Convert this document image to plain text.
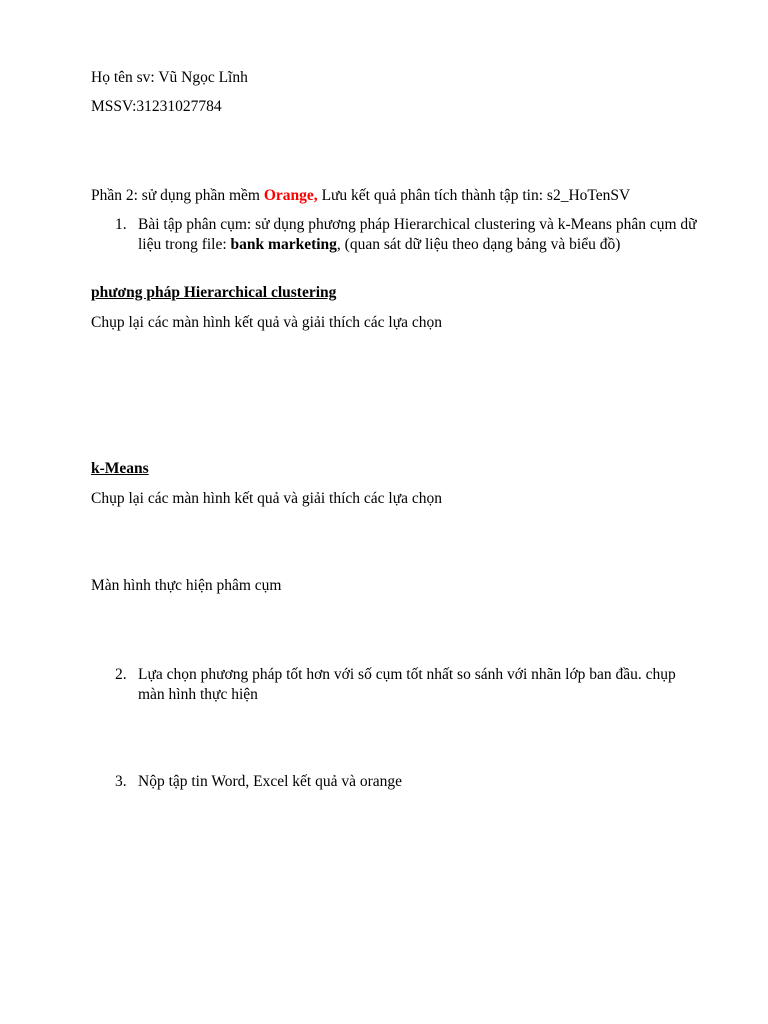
Họ tên sv: Vũ Ngọc Lĩnh
MSSV:31231027784
Phần 2: sử dụng phần mềm Orange, Lưu kết quả phân tích thành tập tin: s2_HoTenSV
1. Bài tập phân cụm: sử dụng phương pháp Hierarchical clustering và k-Means phân cụm dữ liệu trong file: bank marketing, (quan sát dữ liệu theo dạng bảng và biểu đồ)
phương pháp Hierarchical clustering
Chụp lại các màn hình kết quả và giải thích các lựa chọn
k-Means
Chụp lại các màn hình kết quả và giải thích các lựa chọn
Màn hình thực hiện phâm cụm
2. Lựa chọn phương pháp tốt hơn với số cụm tốt nhất so sánh với nhãn lớp ban đầu. chụp màn hình thực hiện
3. Nộp tập tin Word, Excel kết quả và orange
